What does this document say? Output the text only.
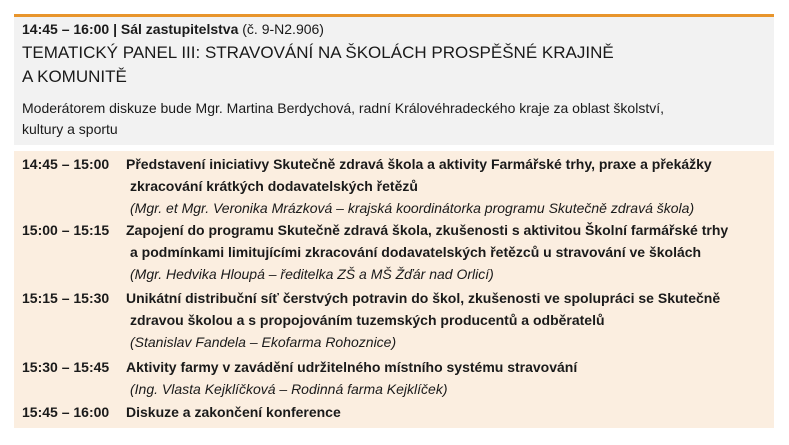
14:45 – 16:00 | Sál zastupitelstva (č. 9-N2.906)
TEMATICKÝ PANEL III: STRAVOVÁNÍ NA ŠKOLÁCH PROSPĚŠNÉ KRAJINĚ
A KOMUNITĚ
Moderátorem diskuze bude Mgr. Martina Berdychová, radní Královéhradeckého kraje za oblast školství,
kultury a sportu
14:45 – 15:00 Představení iniciativy Skutečně zdravá škola a aktivity Farmářské trhy, praxe a překážky
zkracování krátkých dodavatelských řetězů
(Mgr. et Mgr. Veronika Mrázková – krajská koordinátorka programu Skutečně zdravá škola)
15:00 – 15:15 Zapojení do programu Skutečně zdravá škola, zkušenosti s aktivitou Školní farmářské trhy
a podmínkami limitujícími zkracování dodavatelských řetězců u stravování ve školách
(Mgr. Hedvika Hloupá – ředitelka ZŠ a MŠ Žďár nad Orlicí)
15:15 – 15:30 Unikátní distribuční síť čerstvých potravin do škol, zkušenosti ve spolupráci se Skutečně
zdravou školou a s propojováním tuzemských producentů a odběratelů
(Stanislav Fandela – Ekofarma Rohoznice)
15:30 – 15:45 Aktivity farmy v zavádění udržitelného místního systému stravování
(Ing. Vlasta Kejklíčková – Rodinná farma Kejklíček)
15:45 – 16:00 Diskuze a zakončení konference
